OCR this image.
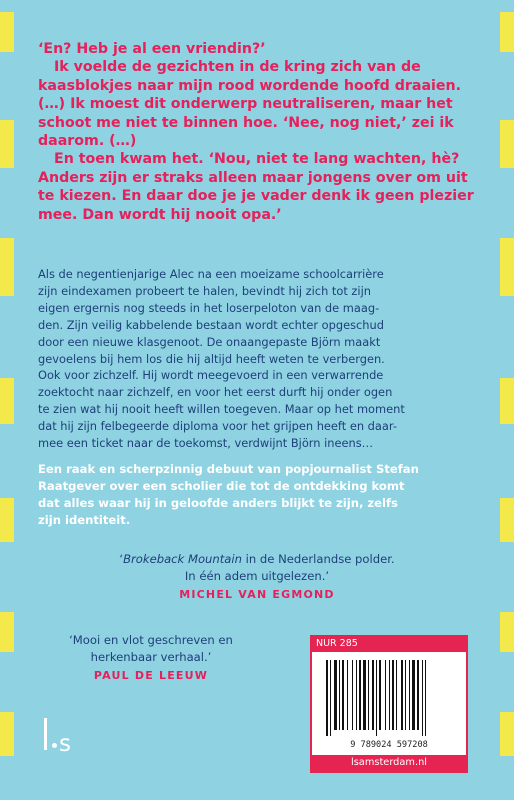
‘En? Heb je al een vriendin?’

Ik voelde de gezichten in de kring zich van de kaasblokjes naar mijn rood wordende hoofd draaien. (…) Ik moest dit onderwerp neutraliseren, maar het schoot me niet te binnen hoe. ‘Nee, nog niet,’ zei ik daarom. (…)

En toen kwam het. ‘Nou, niet te lang wachten, hè? Anders zijn er straks alleen maar jongens over om uit te kiezen. En daar doe je je vader denk ik geen plezier mee. Dan wordt hij nooit opa.’

Als de negentienjarige Alec na een moeizame schoolcarrière
zijn eindexamen probeert te halen, bevindt hij zich tot zijn
eigen ergernis nog steeds in het loserpeloton van de maag-
den. Zijn veilig kabbelende bestaan wordt echter opgeschud
door een nieuwe klasgenoot. De onaangepaste Björn maakt
gevoelens bij hem los die hij altijd heeft weten te verbergen.
Ook voor zichzelf. Hij wordt meegevoerd in een verwarrende
zoektocht naar zichzelf, en voor het eerst durft hij onder ogen
te zien wat hij nooit heeft willen toegeven. Maar op het moment
dat hij zijn felbegeerde diploma voor het grijpen heeft en daar-
mee een ticket naar de toekomst, verdwijnt Björn ineens…
Een raak en scherpzinnig debuut van popjournalist Stefan
Raatgever over een scholier die tot de ontdekking komt
dat alles waar hij in geloofde anders blijkt te zijn, zelfs
zijn identiteit.
‘Brokeback Mountain in de Nederlandse polder.
In één adem uitgelezen.’
MICHEL VAN EGMOND
‘Mooi en vlot geschreven en
herkenbaar verhaal.’
PAUL DE LEEUW
NUR 285
9 789024 597208
lsamsterdam.nl
s
